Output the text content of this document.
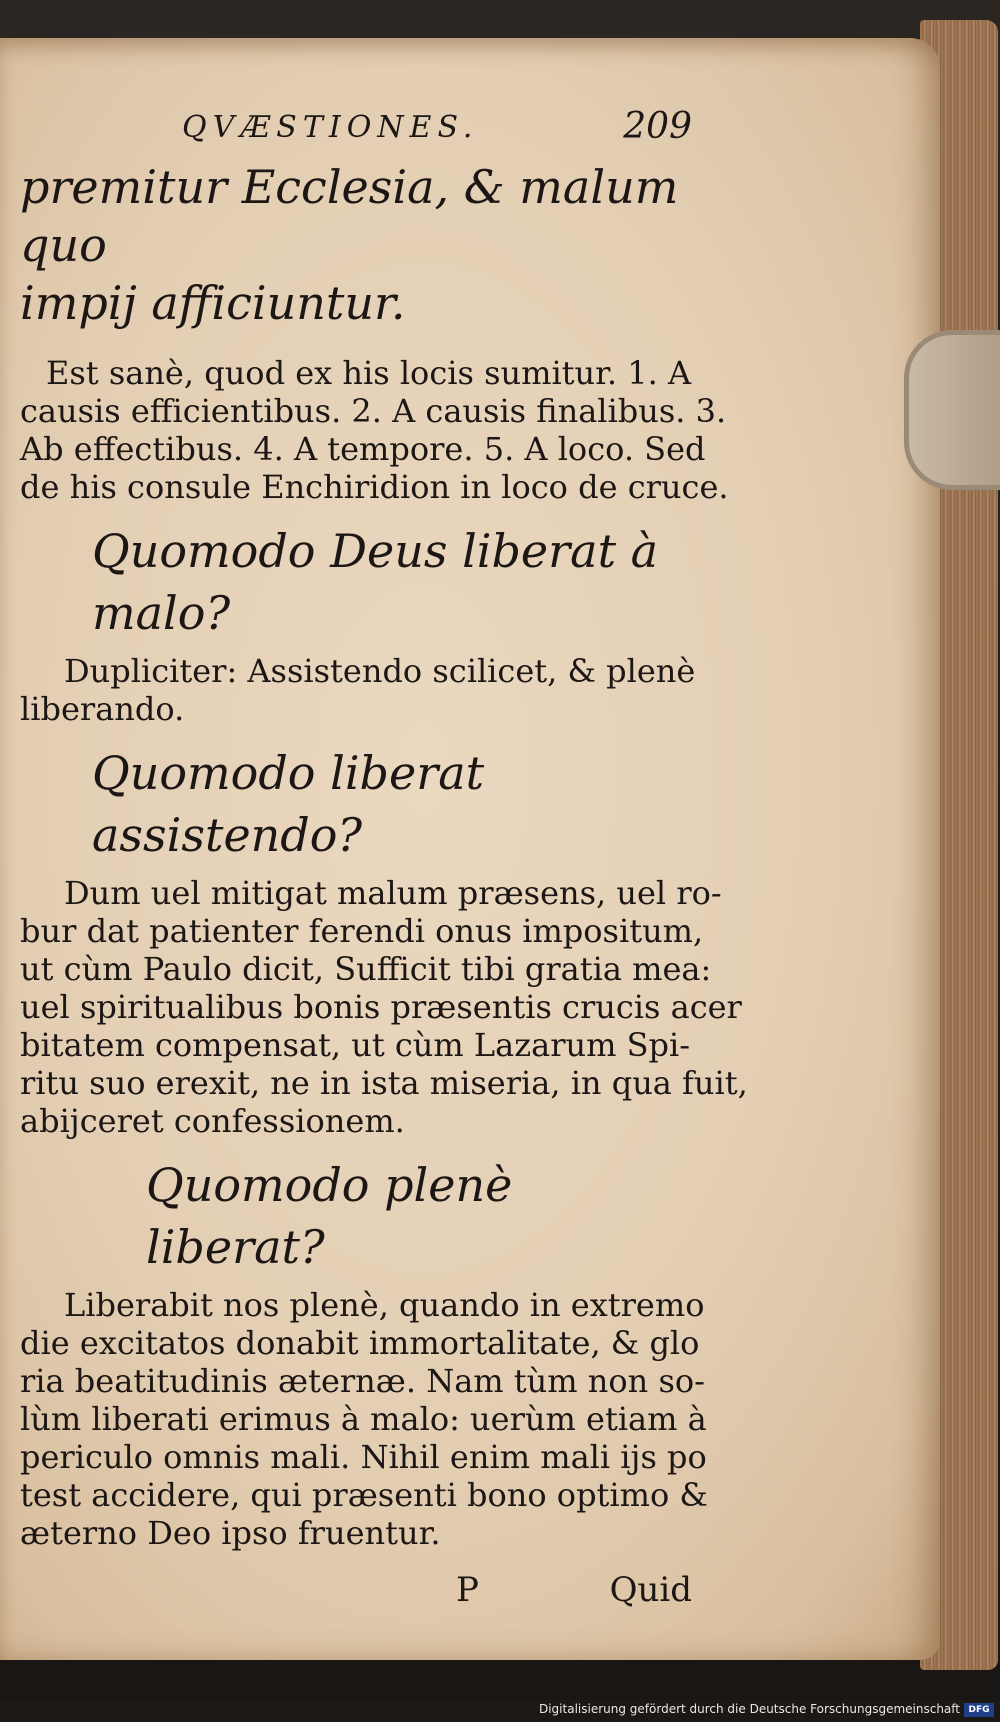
QVÆSTIONES.	209

premitur Ecclesia, & malum quo

impij afficiuntur.

Est sanè, quod ex his locis sumitur. 1. A
causis efficientibus. 2. A causis finalibus. 3.
Ab effectibus. 4. A tempore. 5. A loco. Sed
de his consule Enchiridion in loco de cruce.

Quomodo Deus liberat à malo?

Dupliciter: Assistendo scilicet, & plenè
liberando.

Quomodo liberat assistendo?

Dum uel mitigat malum præsens, uel ro-
bur dat patienter ferendi onus impositum,
ut cùm Paulo dicit, Sufficit tibi gratia mea:
uel spiritualibus bonis præsentis crucis acer
bitatem compensat, ut cùm Lazarum Spi-
ritu suo erexit, ne in ista miseria, in qua fuit,
abijceret confessionem.

Quomodo plenè liberat?

Liberabit nos plenè, quando in extremo
die excitatos donabit immortalitate, & glo
ria beatitudinis æternæ. Nam tùm non so-
lùm liberati erimus à malo: uerùm etiam à
periculo omnis mali. Nihil enim mali ijs po
test accidere, qui præsenti bono optimo &
æterno Deo ipso fruentur.
P	Quid
Digitalisierung gefördert durch die Deutsche Forschungsgemeinschaft DFG
